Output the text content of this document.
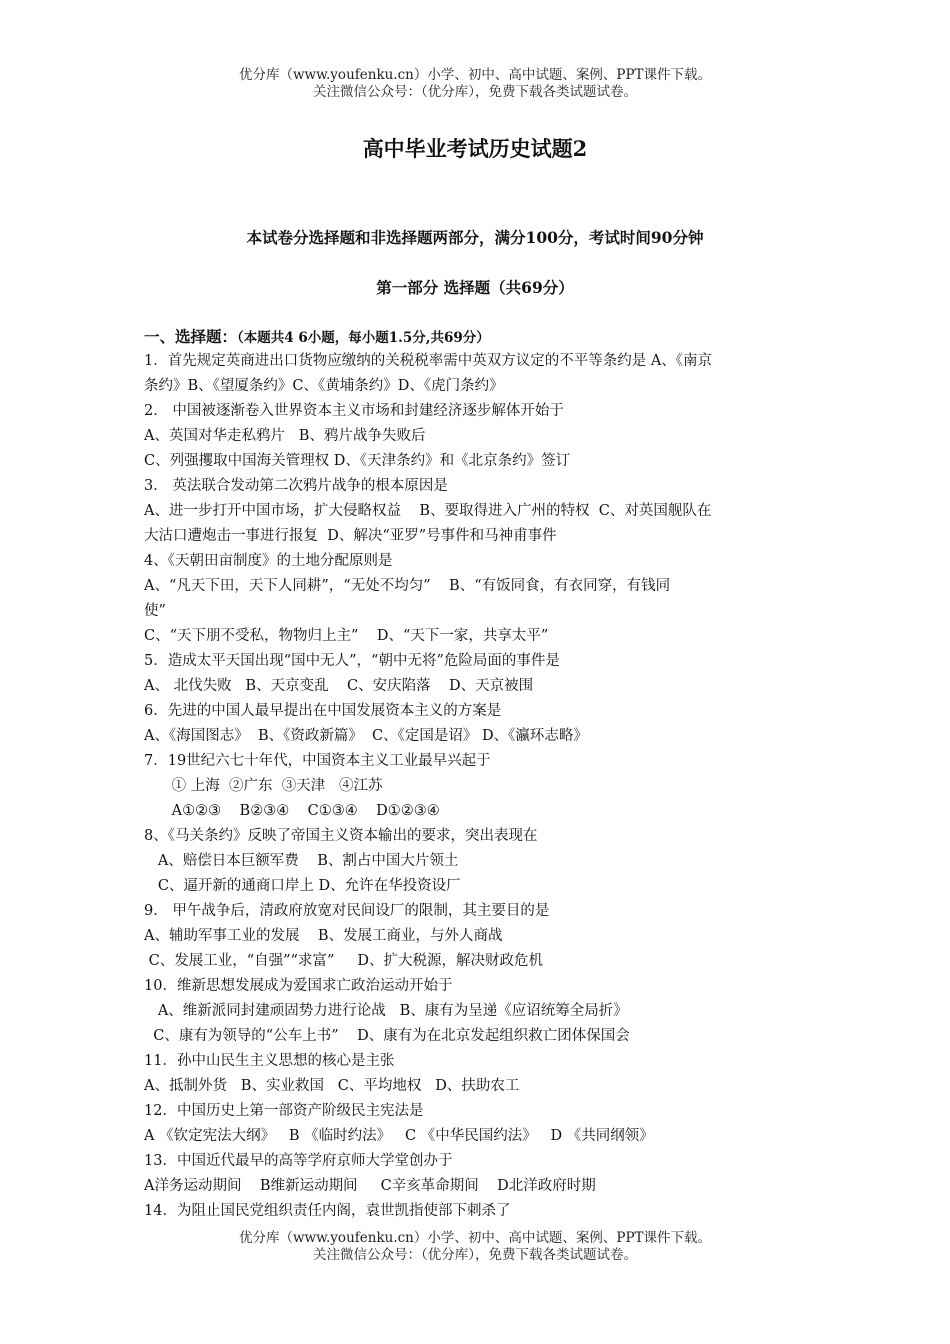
优分库（www.youfenku.cn）小学、初中、高中试题、案例、PPT课件下载。
关注微信公众号：（优分库），免费下载各类试题试卷。
高中毕业考试历史试题2

本试卷分选择题和非选择题两部分，满分100分，考试时间90分钟

第一部分 选择题（共69分）

一、选择题：（本题共4 6小题，每小题1.5分,共69分）
1．首先规定英商进出口货物应缴纳的关税税率需中英双方议定的不平等条约是 A、《南京
条约》B、《望厦条约》C、《黄埔条约》D、《虎门条约》
2． 中国被逐渐卷入世界资本主义市场和封建经济逐步解体开始于
A、英国对华走私鸦片   B、鸦片战争失败后
C、列强攫取中国海关管理权 D、《天津条约》和《北京条约》签订
3． 英法联合发动第二次鸦片战争的根本原因是
A、进一步打开中国市场，扩大侵略权益    B、要取得进入广州的特权  C、对英国舰队在
大沽口遭炮击一事进行报复  D、解决“亚罗”号事件和马神甫事件
4、《天朝田亩制度》的土地分配原则是
A、“凡天下田，天下人同耕”，“无处不均匀”    B、“有饭同食，有衣同穿，有钱同
使”
C、“天下朋不受私，物物归上主”    D、“天下一家，共享太平”
5．造成太平天国出现“国中无人”，“朝中无将”危险局面的事件是
A、 北伐失败   B、天京变乱    C、安庆陷落    D、天京被围
6．先进的中国人最早提出在中国发展资本主义的方案是
A、《海国图志》  B、《资政新篇》  C、《定国是诏》 D、《瀛环志略》
7．19世纪六七十年代，中国资本主义工业最早兴起于
① 上海  ②广东  ③天津   ④江苏
A①②③    B②③④    C①③④    D①②③④
8、《马关条约》反映了帝国主义资本输出的要求，突出表现在
A、赔偿日本巨额军费    B、割占中国大片领土
C、逼开新的通商口岸上 D、允许在华投资设厂
9． 甲午战争后，清政府放宽对民间设厂的限制，其主要目的是
A、辅助军事工业的发展    B、发展工商业，与外人商战
C、发展工业，“自强”“求富”     D、扩大税源，解决财政危机
10．维新思想发展成为爱国求亡政治运动开始于
A、维新派同封建顽固势力进行论战   B、康有为呈递《应诏统筹全局折》
C、康有为领导的“公车上书”    D、康有为在北京发起组织救亡团体保国会
11．孙中山民生主义思想的核心是主张
A、抵制外货   B、实业救国   C、平均地权   D、扶助农工
12．中国历史上第一部资产阶级民主宪法是
A 《钦定宪法大纲》   B 《临时约法》   C 《中华民国约法》   D 《共同纲领》
13．中国近代最早的高等学府京师大学堂创办于
A洋务运动期间    B维新运动期间     C辛亥革命期间    D北洋政府时期
14．为阻止国民党组织责任内阁，袁世凯指使部下刺杀了
优分库（www.youfenku.cn）小学、初中、高中试题、案例、PPT课件下载。
关注微信公众号：（优分库），免费下载各类试题试卷。
